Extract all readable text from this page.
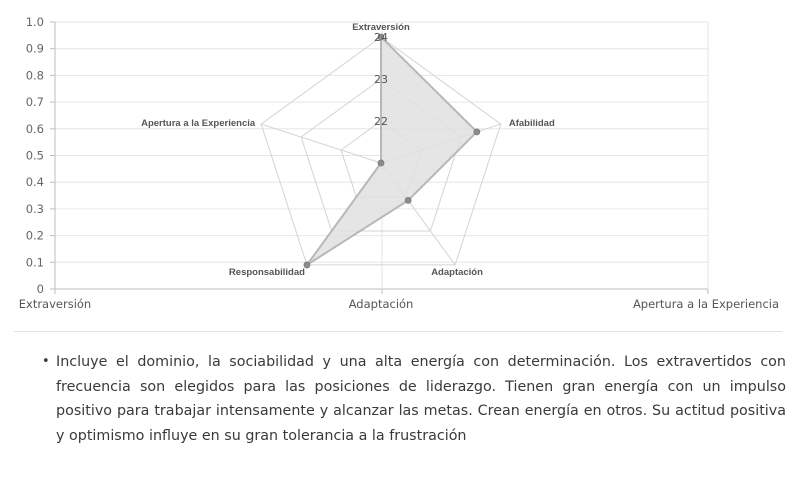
0
0.1
0.2
0.3
0.4
0.5
0.6
0.7
0.8
0.9
1.0
Extraversión	Adaptación	Apertura a la Experiencia
22
23
24
Extraversión
Afabilidad
Adaptación
Responsabilidad
Apertura a la Experiencia
• Incluye el dominio, la sociabilidad y una alta energía con determinación. Los extravertidos con frecuencia son elegidos para las posiciones de liderazgo. Tienen gran energía con un impulso positivo para trabajar intensamente y alcanzar las metas. Crean energía en otros. Su actitud positiva y optimismo influye en su gran tolerancia a la frustración
